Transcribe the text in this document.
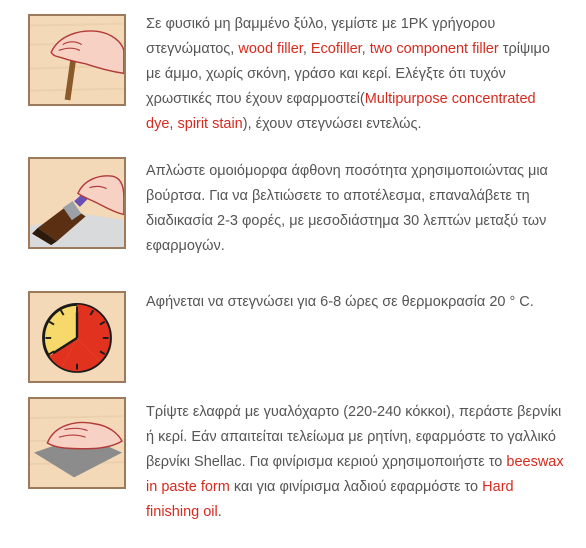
Σε φυσικό μη βαμμένο ξύλο, γεμίστε με 1PK γρήγορου στεγνώματος, wood filler, Ecofiller, two component filler τρίψιμο με άμμο, χωρίς σκόνη, γράσο και κερί. Ελέγξτε ότι τυχόν χρωστικές που έχουν εφαρμοστεί(Multipurpose concentrated dye, spirit stain), έχουν στεγνώσει εντελώς.
Απλώστε ομοιόμορφα άφθονη ποσότητα χρησιμοποιώντας μια βούρτσα. Για να βελτιώσετε το αποτέλεσμα, επαναλάβετε τη διαδικασία 2-3 φορές, με μεσοδιάστημα 30 λεπτών μεταξύ των εφαρμογών.
Αφήνεται να στεγνώσει για 6-8 ώρες σε θερμοκρασία 20 ° C.
Τρίψτε ελαφρά με γυαλόχαρτο (220-240 κόκκοι), περάστε βερνίκι ή κερί. Εάν απαιτείται τελείωμα με ρητίνη, εφαρμόστε το γαλλικό βερνίκι Shellac. Για φινίρισμα κεριού χρησιμοποιήστε το beeswax in paste form και για φινίρισμα λαδιού εφαρμόστε το Hard finishing oil.
